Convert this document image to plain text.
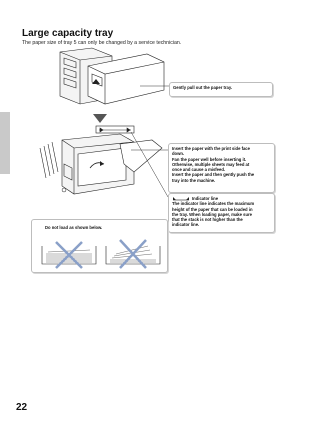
Large capacity tray
The paper size of tray 5 can only be changed by a service technician.
Gently pull out the paper tray.
Insert the paper with the print side face
down.
Fan the paper well before inserting it.
Otherwise, multiple sheets may feed at
once and cause a misfeed.
Insert the paper and then gently push the
tray into the machine.
Indicator line
The indicator line indicates the maximum
height of the paper that can be loaded in
the tray. When loading paper, make sure
that the stack is not higher than the
indicator line.
Do not load as shown below.
22
